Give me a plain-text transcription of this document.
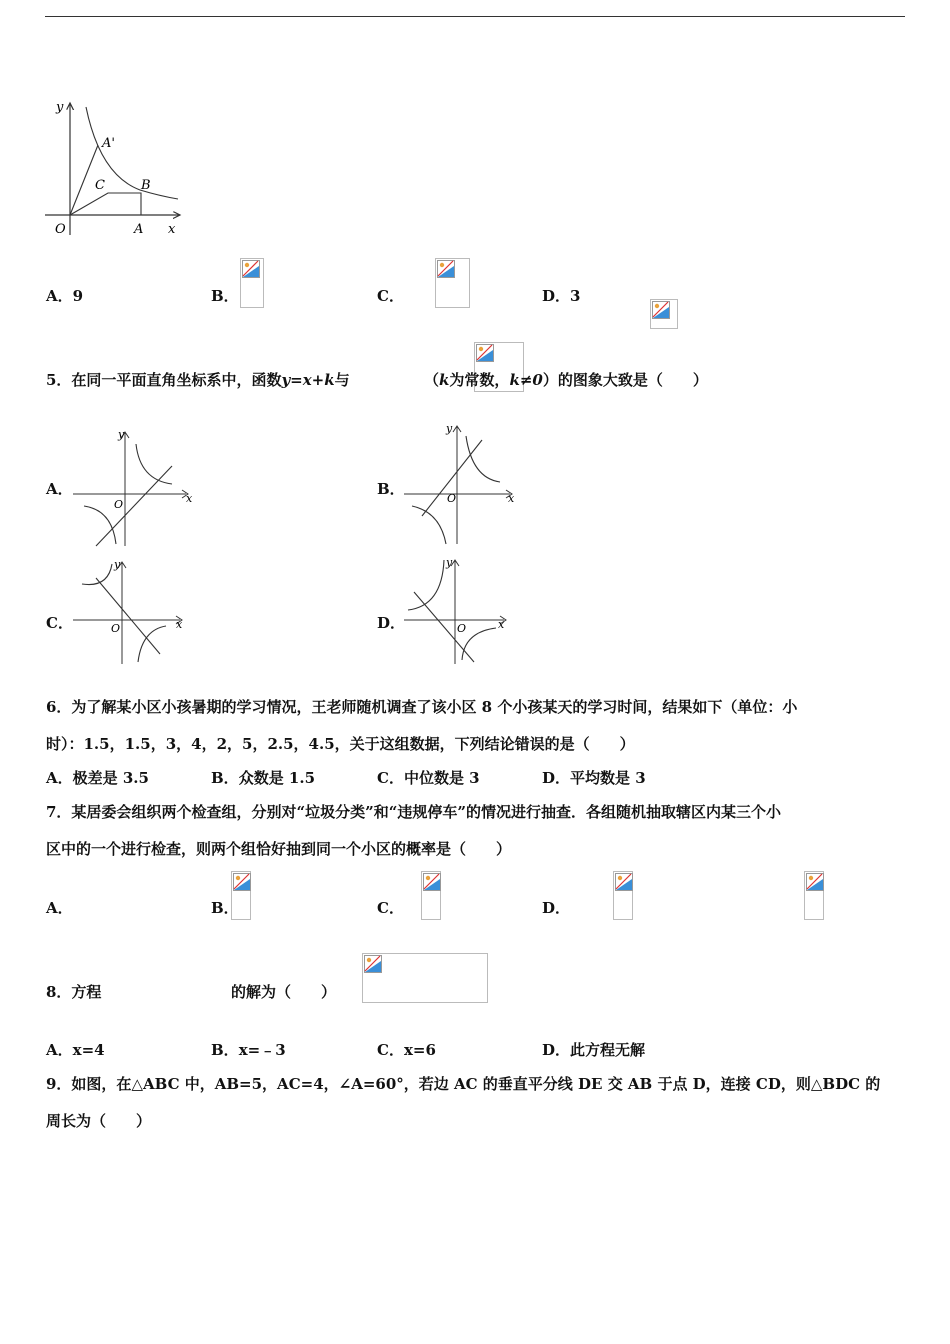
y
A'
C	B
O	A x
A．9	B．
	C．
	D．3

5．在同一平面直角坐标系中，函数y=x+k与
	（k为常数，k≠0）的图象大致是（　　）
A．	B．
C．	D．
y
x
O
y
x
O
y
x
O
y
x
O
6．为了解某小区小孩暑期的学习情况，王老师随机调查了该小区 8 个小孩某天的学习时间，结果如下（单位：小
时）：1.5，1.5，3，4，2，5，2.5，4.5，关于这组数据，下列结论错误的是（　　）
A．极差是 3.5	B．众数是 1.5	C．中位数是 3	D．平均数是 3
7．某居委会组织两个检查组，分别对“垃圾分类”和“违规停车”的情况进行抽查．各组随机抽取辖区内某三个小
区中的一个进行检查，则两个组恰好抽到同一个小区的概率是（　　）
A．
	B．
	C．
	D．

8．方程	的解为（　　）
A．x=4	B．x=﹣3	C．x=6	D．此方程无解
9．如图，在△ABC 中，AB=5，AC=4，∠A=60°，若边 AC 的垂直平分线 DE 交 AB 于点 D，连接 CD，则△BDC 的
周长为（　　）
